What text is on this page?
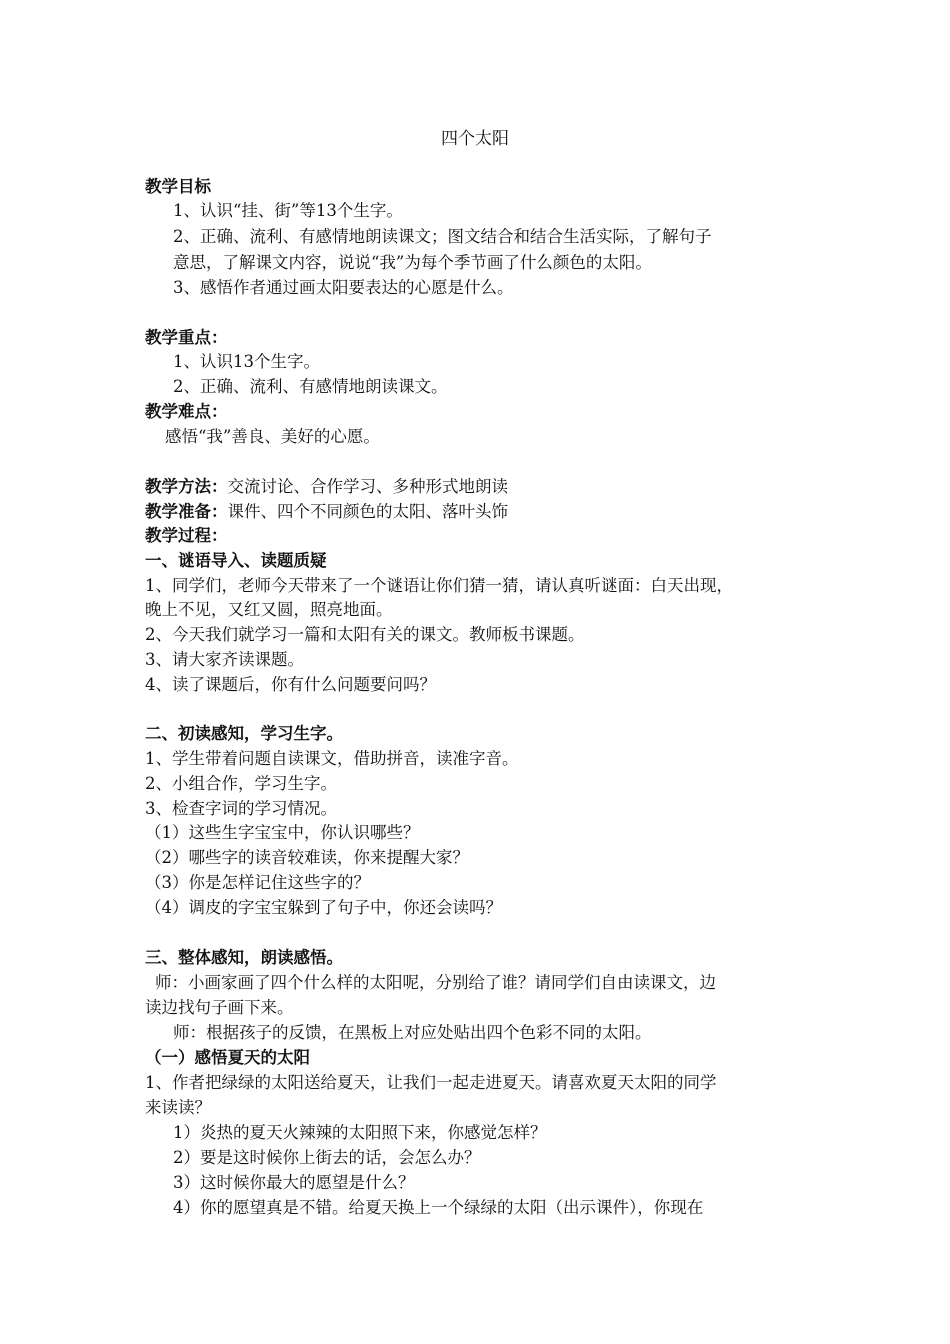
四个太阳
教学目标
1、认识“挂、街”等13个生字。
2、正确、流利、有感情地朗读课文；图文结合和结合生活实际，了解句子
意思，了解课文内容，说说“我”为每个季节画了什么颜色的太阳。
3、感悟作者通过画太阳要表达的心愿是什么。
教学重点：
1、认识13个生字。
2、正确、流利、有感情地朗读课文。
教学难点：
感悟“我”善良、美好的心愿。
教学方法：交流讨论、合作学习、多种形式地朗读
教学准备：课件、四个不同颜色的太阳、落叶头饰
教学过程：
一、谜语导入、读题质疑
1、同学们，老师今天带来了一个谜语让你们猜一猜，请认真听谜面：白天出现，
晚上不见，又红又圆，照亮地面。
2、今天我们就学习一篇和太阳有关的课文。教师板书课题。
3、请大家齐读课题。
4、读了课题后，你有什么问题要问吗？
二、初读感知，学习生字。
1、学生带着问题自读课文，借助拼音，读准字音。
2、小组合作，学习生字。
3、检查字词的学习情况。
（1）这些生字宝宝中，你认识哪些？
（2）哪些字的读音较难读，你来提醒大家？
（3）你是怎样记住这些字的？
（4）调皮的字宝宝躲到了句子中，你还会读吗？
三、整体感知，朗读感悟。
师：小画家画了四个什么样的太阳呢，分别给了谁？请同学们自由读课文，边
读边找句子画下来。
师：根据孩子的反馈，在黑板上对应处贴出四个色彩不同的太阳。
（一）感悟夏天的太阳
1、作者把绿绿的太阳送给夏天，让我们一起走进夏天。请喜欢夏天太阳的同学
来读读？
1）炎热的夏天火辣辣的太阳照下来，你感觉怎样？
2）要是这时候你上街去的话，会怎么办？
3）这时候你最大的愿望是什么？
4）你的愿望真是不错。给夏天换上一个绿绿的太阳（出示课件），你现在
